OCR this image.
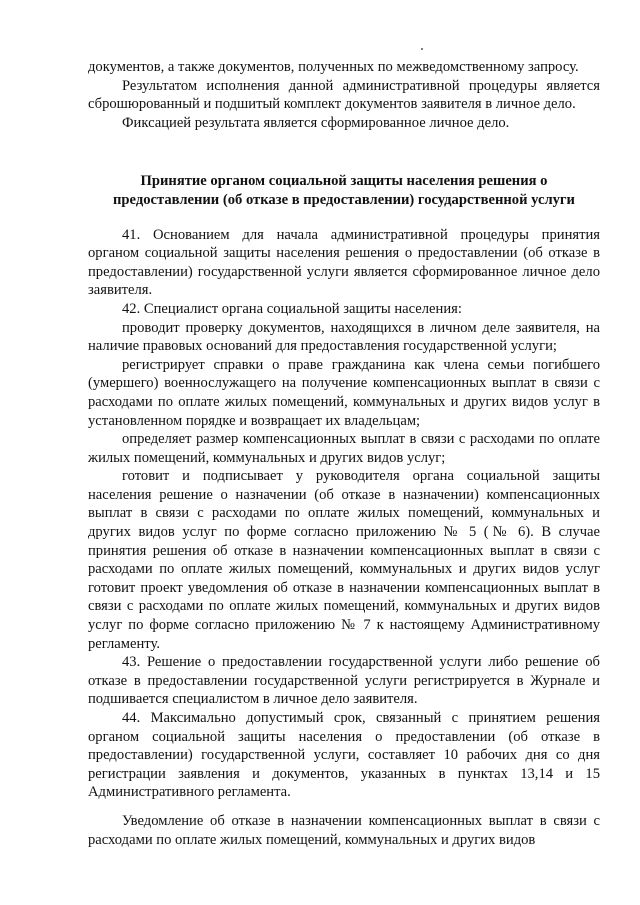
документов, а также документов, полученных по межведомственному запросу.

Результатом исполнения данной административной процедуры является сброшюрованный и подшитый комплект документов заявителя в личное дело.

Фиксацией результата является сформированное личное дело.

Принятие органом социальной защиты населения решения о предоставлении (об отказе в предоставлении) государственной услуги

41. Основанием для начала административной процедуры принятия органом социальной защиты населения решения о предоставлении (об отказе в предоставлении) государственной услуги является сформированное личное дело заявителя.

42. Специалист органа социальной защиты населения:

проводит проверку документов, находящихся в личном деле заявителя, на наличие правовых оснований для предоставления государственной услуги;

регистрирует справки о праве гражданина как члена семьи погибшего (умершего) военнослужащего на получение компенсационных выплат в связи с расходами по оплате жилых помещений, коммунальных и других видов услуг в установленном порядке и возвращает их владельцам;

определяет размер компенсационных выплат в связи с расходами по оплате жилых помещений, коммунальных и других видов услуг;

готовит и подписывает у руководителя органа социальной защиты населения решение о назначении (об отказе в назначении) компенсационных выплат в связи с расходами по оплате жилых помещений, коммунальных и других видов услуг по форме согласно приложению № 5 (№ 6). В случае принятия решения об отказе в назначении компенсационных выплат в связи с расходами по оплате жилых помещений, коммунальных и других видов услуг готовит проект уведомления об отказе в назначении компенсационных выплат в связи с расходами по оплате жилых помещений, коммунальных и других видов услуг по форме согласно приложению № 7 к настоящему Административному регламенту.

43. Решение о предоставлении государственной услуги либо решение об отказе в предоставлении государственной услуги регистрируется в Журнале и подшивается специалистом в личное дело заявителя.

44. Максимально допустимый срок, связанный с принятием решения органом социальной защиты населения о предоставлении (об отказе в предоставлении) государственной услуги, составляет 10 рабочих дня со дня регистрации заявления и документов, указанных в пунктах 13,14 и 15 Административного регламента.

Уведомление об отказе в назначении компенсационных выплат в связи с расходами по оплате жилых помещений, коммунальных и других видов
